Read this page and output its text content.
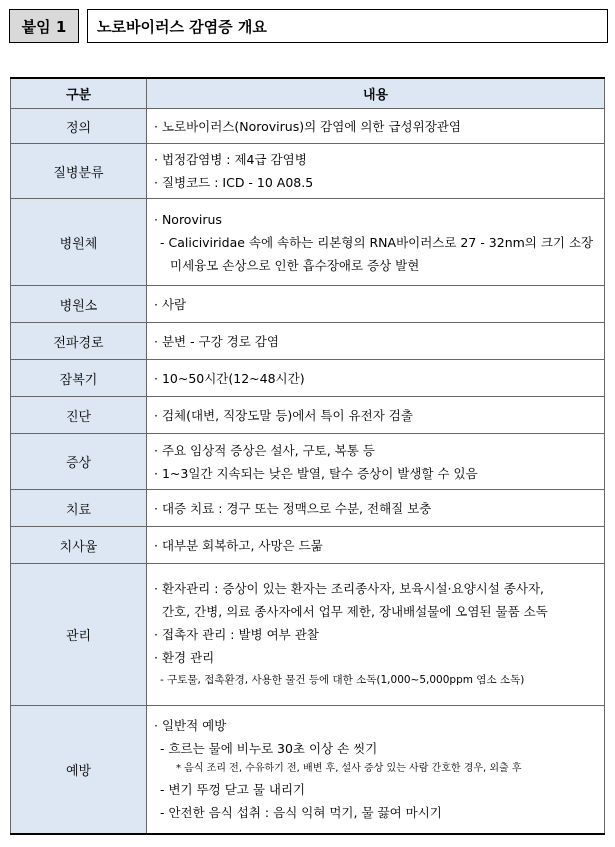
붙임 1	노로바이러스 감염증 개요
구분	내용
정의	· 노로바이러스(Norovirus)의 감염에 의한 급성위장관염

질병분류	· 법정감염병 : 제4급 감염병
· 질병코드 : ICD - 10 A08.5

병원체	· Norovirus
- Caliciviridae 속에 속하는 리본형의 RNA바이러스로 27 - 32nm의 크기 소장
미세융모 손상으로 인한 흡수장애로 증상 발현

병원소	· 사람

전파경로	· 분변 - 구강 경로 감염

잠복기	· 10~50시간(12~48시간)

진단	· 검체(대변, 직장도말 등)에서 특이 유전자 검출

증상	· 주요 임상적 증상은 설사, 구토, 복통 등
· 1~3일간 지속되는 낮은 발열, 탈수 증상이 발생할 수 있음

치료	· 대증 치료 : 경구 또는 정맥으로 수분, 전해질 보충

치사율	· 대부분 회복하고, 사망은 드묾

관리	· 환자관리 : 증상이 있는 환자는 조리종사자, 보육시설·요양시설 종사자,
간호, 간병, 의료 종사자에서 업무 제한, 장내배설물에 오염된 물품 소독
· 접촉자 관리 : 발병 여부 관찰
· 환경 관리
- 구토물, 접촉환경, 사용한 물건 등에 대한 소독(1,000~5,000ppm 염소 소독)

예방	· 일반적 예방
- 흐르는 물에 비누로 30초 이상 손 씻기
* 음식 조리 전, 수유하기 전, 배변 후, 설사 증상 있는 사람 간호한 경우, 외출 후
- 변기 뚜껑 닫고 물 내리기
- 안전한 음식 섭취 : 음식 익혀 먹기, 물 끓여 마시기
